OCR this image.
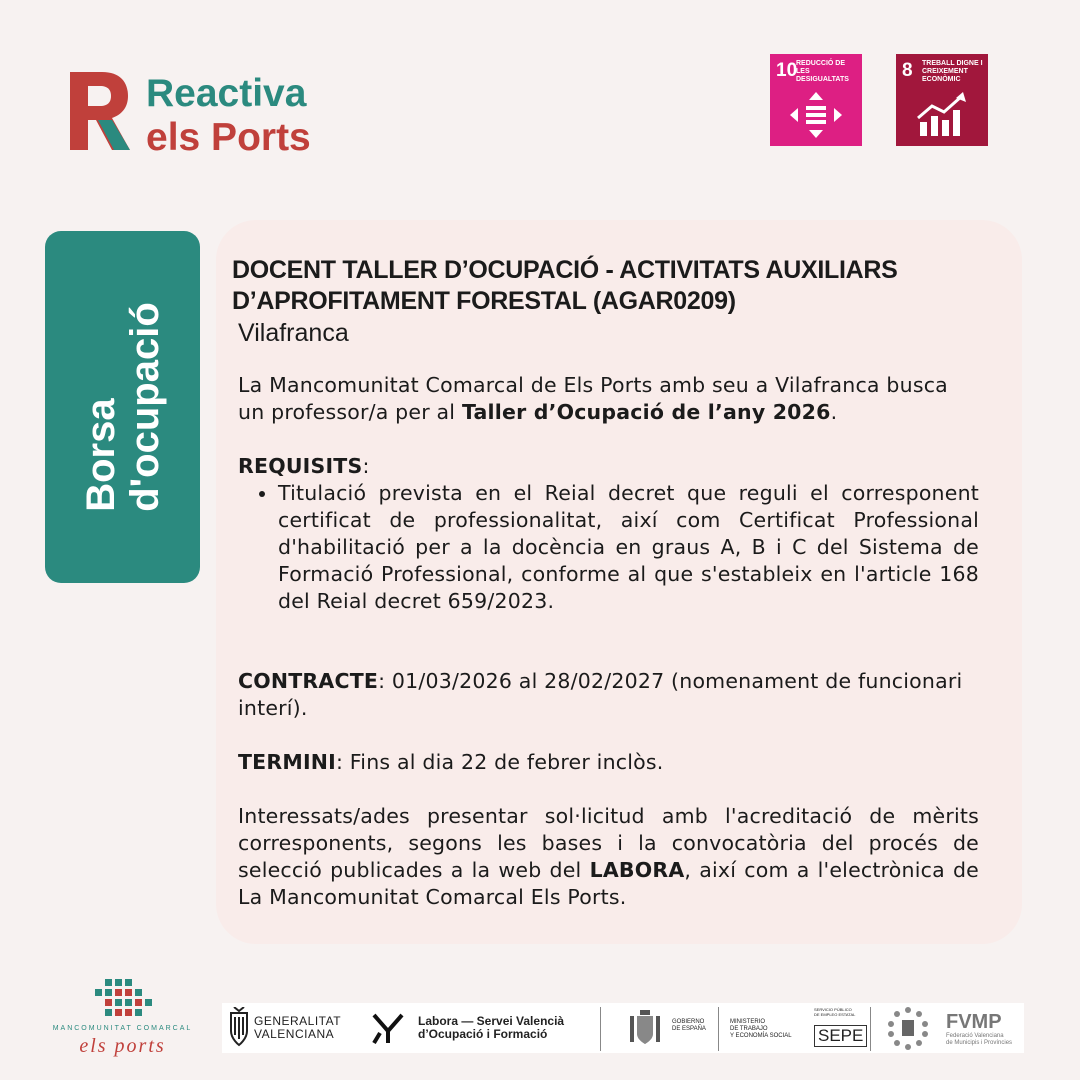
Reactiva
els Ports
10
REDUCCIÓ DE LES DESIGUALTATS	8 TREBALL DIGNE I CREIXEMENT ECONÒMIC
Borsa d'ocupació
DOCENT TALLER D’OCUPACIÓ - ACTIVITATS AUXILIARS D’APROFITAMENT FORESTAL (AGAR0209)
Vilafranca
La Mancomunitat Comarcal de Els Ports amb seu a Vilafranca busca un professor/a per al Taller d’Ocupació de l’any 2026.
REQUISITS:
• Titulació prevista en el Reial decret que reguli el corresponent certificat de professionalitat, així com Certificat Professional d'habilitació per a la docència en graus A, B i C del Sistema de Formació Professional, conforme al que s'estableix en l'article 168 del Reial decret 659/2023.
CONTRACTE: 01/03/2026 al 28/02/2027 (nomenament de funcionari interí).
TERMINI: Fins al dia 22 de febrer inclòs.
Interessats/ades presentar sol·licitud amb l'acreditació de mèrits corresponents, segons les bases i la convocatòria del procés de selecció publicades a la web del LABORA, així com a l'electrònica de La Mancomunitat Comarcal Els Ports.
MANCOMUNITAT COMARCAL
els ports
GENERALITAT
VALENCIANA
Labora — Servei Valencià
d’Ocupació i Formació
GOBIERNO
DE ESPAÑA
MINISTERIO
DE TRABAJO
Y ECONOMÍA SOCIAL
SERVICIO PÚBLICO
DE EMPLEO ESTATAL
SEPE
FVMP
Federació Valenciana
de Municipis i Províncies
